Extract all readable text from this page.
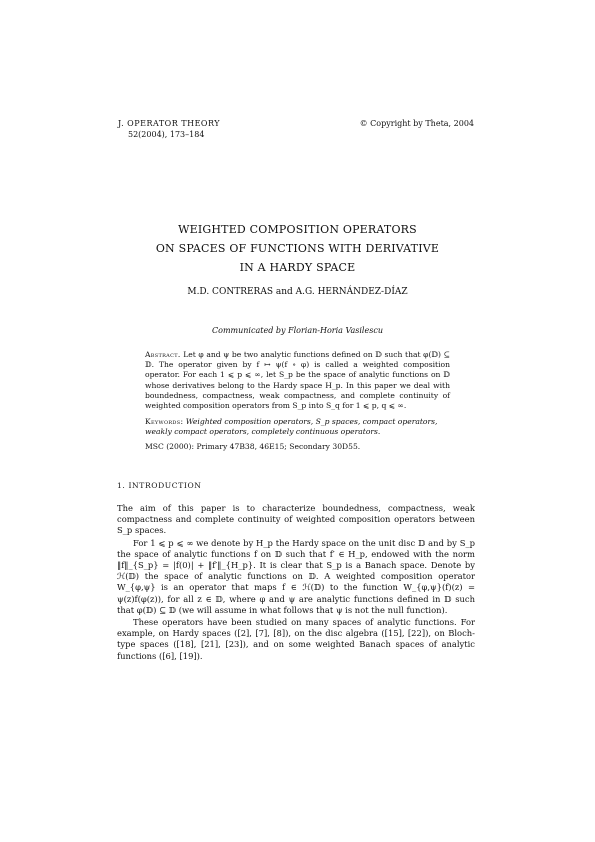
J. OPERATOR THEORY
52(2004), 173–184
© Copyright by Theta, 2004
WEIGHTED COMPOSITION OPERATORS
ON SPACES OF FUNCTIONS WITH DERIVATIVE
IN A HARDY SPACE
M.D. CONTRERAS and A.G. HERNÁNDEZ-DÍAZ
Communicated by Florian-Horia Vasilescu
Abstract. Let φ and ψ be two analytic functions defined on 𝔻 such that φ(𝔻) ⊆ 𝔻. The operator given by f ↦ ψ(f ∘ φ) is called a weighted composition operator. For each 1 ⩽ p ⩽ ∞, let S_p be the space of analytic functions on 𝔻 whose derivatives belong to the Hardy space H_p. In this paper we deal with boundedness, compactness, weak compactness, and complete continuity of weighted composition operators from S_p into S_q for 1 ⩽ p, q ⩽ ∞.
Keywords: Weighted composition operators, S_p spaces, compact operators, weakly compact operators, completely continuous operators.
MSC (2000): Primary 47B38, 46E15; Secondary 30D55.
1. INTRODUCTION

The aim of this paper is to characterize boundedness, compactness, weak compactness and complete continuity of weighted composition operators between S_p spaces.

For 1 ⩽ p ⩽ ∞ we denote by H_p the Hardy space on the unit disc 𝔻 and by S_p the space of analytic functions f on 𝔻 such that f′ ∈ H_p, endowed with the norm ‖f‖_{S_p} = |f(0)| + ‖f′‖_{H_p}. It is clear that S_p is a Banach space. Denote by ℋ(𝔻) the space of analytic functions on 𝔻. A weighted composition operator W_{φ,ψ} is an operator that maps f ∈ ℋ(𝔻) to the function W_{φ,ψ}(f)(z) = ψ(z)f(φ(z)), for all z ∈ 𝔻, where φ and ψ are analytic functions defined in 𝔻 such that φ(𝔻) ⊆ 𝔻 (we will assume in what follows that ψ is not the null function).

These operators have been studied on many spaces of analytic functions. For example, on Hardy spaces ([2], [7], [8]), on the disc algebra ([15], [22]), on Bloch-type spaces ([18], [21], [23]), and on some weighted Banach spaces of analytic functions ([6], [19]).
